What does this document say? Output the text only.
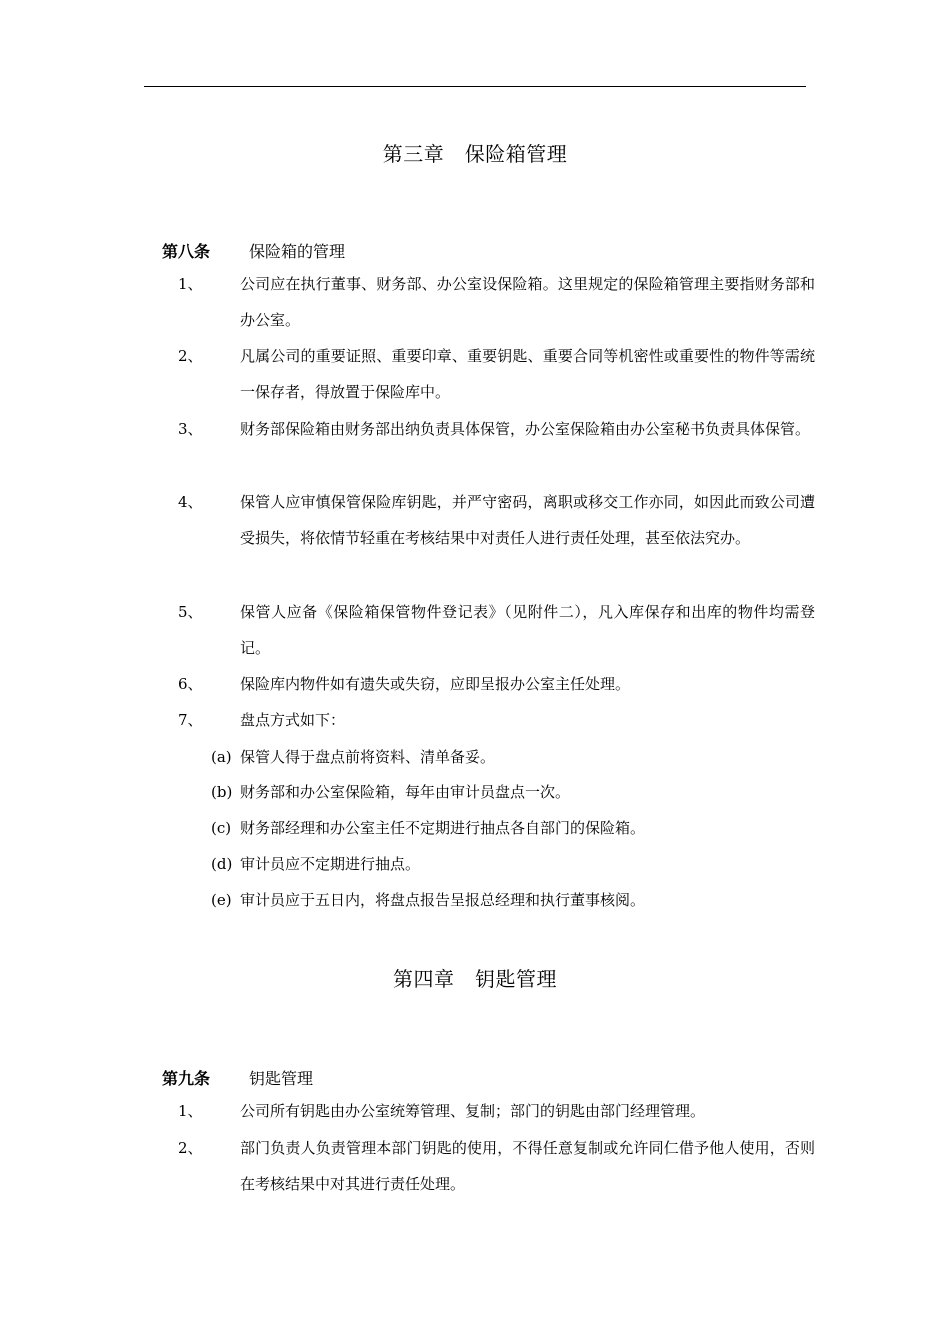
第三章　保险箱管理
第八条 保险箱的管理
1、 公司应在执行董事、财务部、办公室设保险箱。这里规定的保险箱管理主要指财务部和办公室。
2、 凡属公司的重要证照、重要印章、重要钥匙、重要合同等机密性或重要性的物件等需统一保存者，得放置于保险库中。
3、 财务部保险箱由财务部出纳负责具体保管，办公室保险箱由办公室秘书负责具体保管。
4、 保管人应审慎保管保险库钥匙，并严守密码，离职或移交工作亦同，如因此而致公司遭受损失，将依情节轻重在考核结果中对责任人进行责任处理，甚至依法究办。
5、 保管人应备《保险箱保管物件登记表》（见附件二），凡入库保存和出库的物件均需登记。
6、 保险库内物件如有遗失或失窃，应即呈报办公室主任处理。
7、 盘点方式如下：
(a) 保管人得于盘点前将资料、清单备妥。
(b) 财务部和办公室保险箱，每年由审计员盘点一次。
(c) 财务部经理和办公室主任不定期进行抽点各自部门的保险箱。
(d) 审计员应不定期进行抽点。
(e) 审计员应于五日内，将盘点报告呈报总经理和执行董事核阅。
第四章　钥匙管理
第九条 钥匙管理
1、 公司所有钥匙由办公室统筹管理、复制；部门的钥匙由部门经理管理。
2、 部门负责人负责管理本部门钥匙的使用，不得任意复制或允许同仁借予他人使用，否则在考核结果中对其进行责任处理。
